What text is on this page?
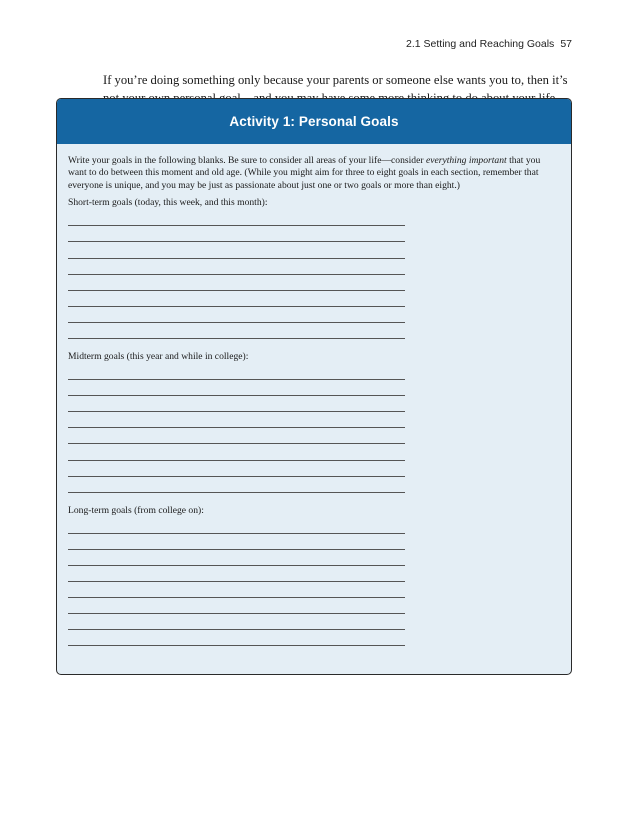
2.1 Setting and Reaching Goals 57

If you’re doing something only because your parents or someone else wants you to, then it’s

Activity 1: Personal Goals

Write your goals in the following blanks. Be sure to consider all areas of your life—consider everything important that you want to do between this moment and old age. (While you might aim for three to eight goals in each section, remember that everyone is unique, and you may be just as passionate about just one or two goals or more than eight.)

Short-term goals (today, this week, and this month):

Midterm goals (this year and while in college):

Long-term goals (from college on):
